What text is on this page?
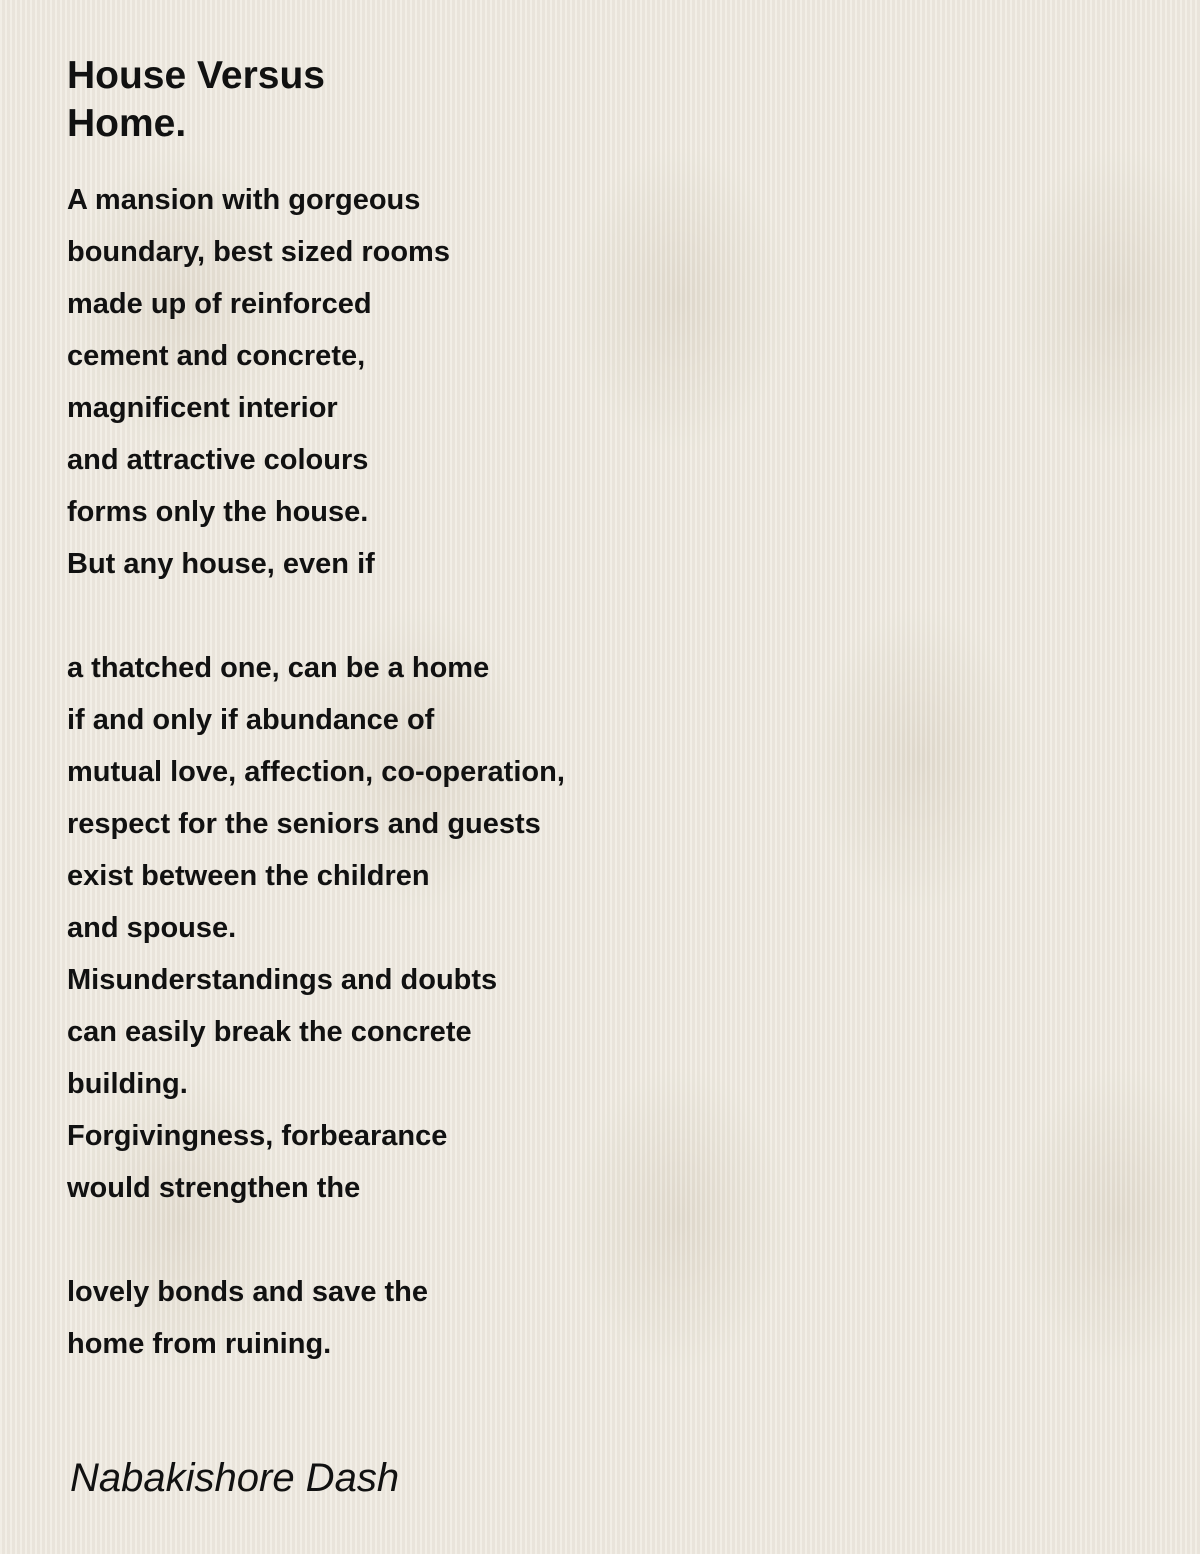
House Versus
Home.

A mansion with gorgeous
boundary, best sized rooms
made up of reinforced
cement and concrete,
magnificent interior
and attractive colours
forms only the house.
But any house, even if

a thatched one, can be a home
if and only if abundance of
mutual love, affection, co-operation,
respect for the seniors and guests
exist between the children
and spouse.
Misunderstandings and doubts
can easily break the concrete
building.
Forgivingness, forbearance
would strengthen the

lovely bonds and save the
home from ruining.

Nabakishore Dash
